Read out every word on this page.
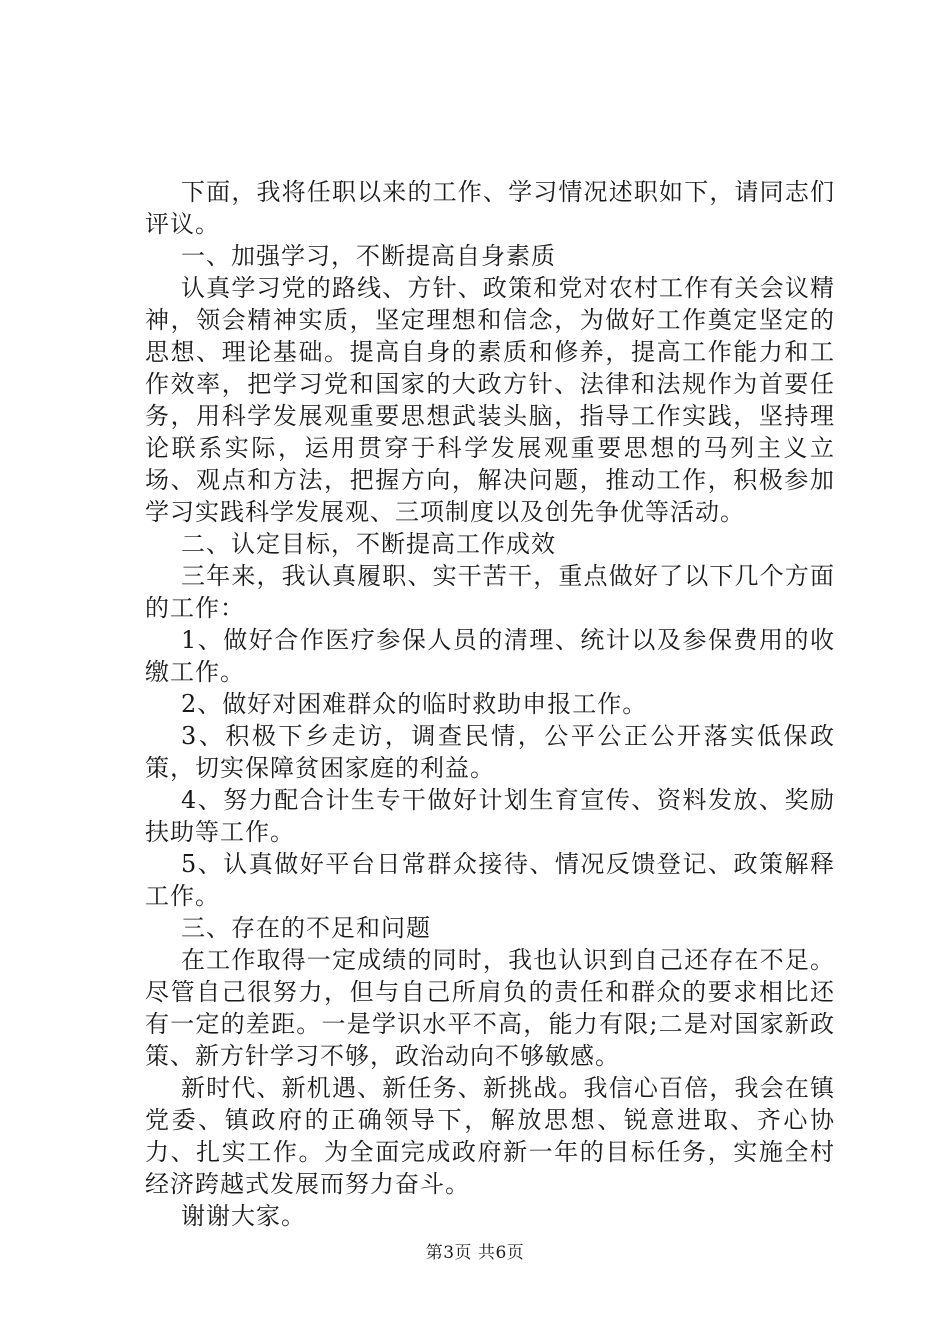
下面，我将任职以来的工作、学习情况述职如下，请同志们评议。

一、加强学习，不断提高自身素质

认真学习党的路线、方针、政策和党对农村工作有关会议精神，领会精神实质，坚定理想和信念，为做好工作奠定坚定的思想、理论基础。提高自身的素质和修养，提高工作能力和工作效率，把学习党和国家的大政方针、法律和法规作为首要任务，用科学发展观重要思想武装头脑，指导工作实践，坚持理论联系实际，运用贯穿于科学发展观重要思想的马列主义立场、观点和方法，把握方向，解决问题，推动工作，积极参加学习实践科学发展观、三项制度以及创先争优等活动。

二、认定目标，不断提高工作成效

三年来，我认真履职、实干苦干，重点做好了以下几个方面的工作：

1、做好合作医疗参保人员的清理、统计以及参保费用的收缴工作。

2、做好对困难群众的临时救助申报工作。

3、积极下乡走访，调查民情，公平公正公开落实低保政策，切实保障贫困家庭的利益。

4、努力配合计生专干做好计划生育宣传、资料发放、奖励扶助等工作。

5、认真做好平台日常群众接待、情况反馈登记、政策解释工作。

三、存在的不足和问题

在工作取得一定成绩的同时，我也认识到自己还存在不足。尽管自己很努力，但与自己所肩负的责任和群众的要求相比还有一定的差距。一是学识水平不高，能力有限;二是对国家新政策、新方针学习不够，政治动向不够敏感。

新时代、新机遇、新任务、新挑战。我信心百倍，我会在镇党委、镇政府的正确领导下，解放思想、锐意进取、齐心协力、扎实工作。为全面完成政府新一年的目标任务，实施全村经济跨越式发展而努力奋斗。

谢谢大家。

第3页 共6页
